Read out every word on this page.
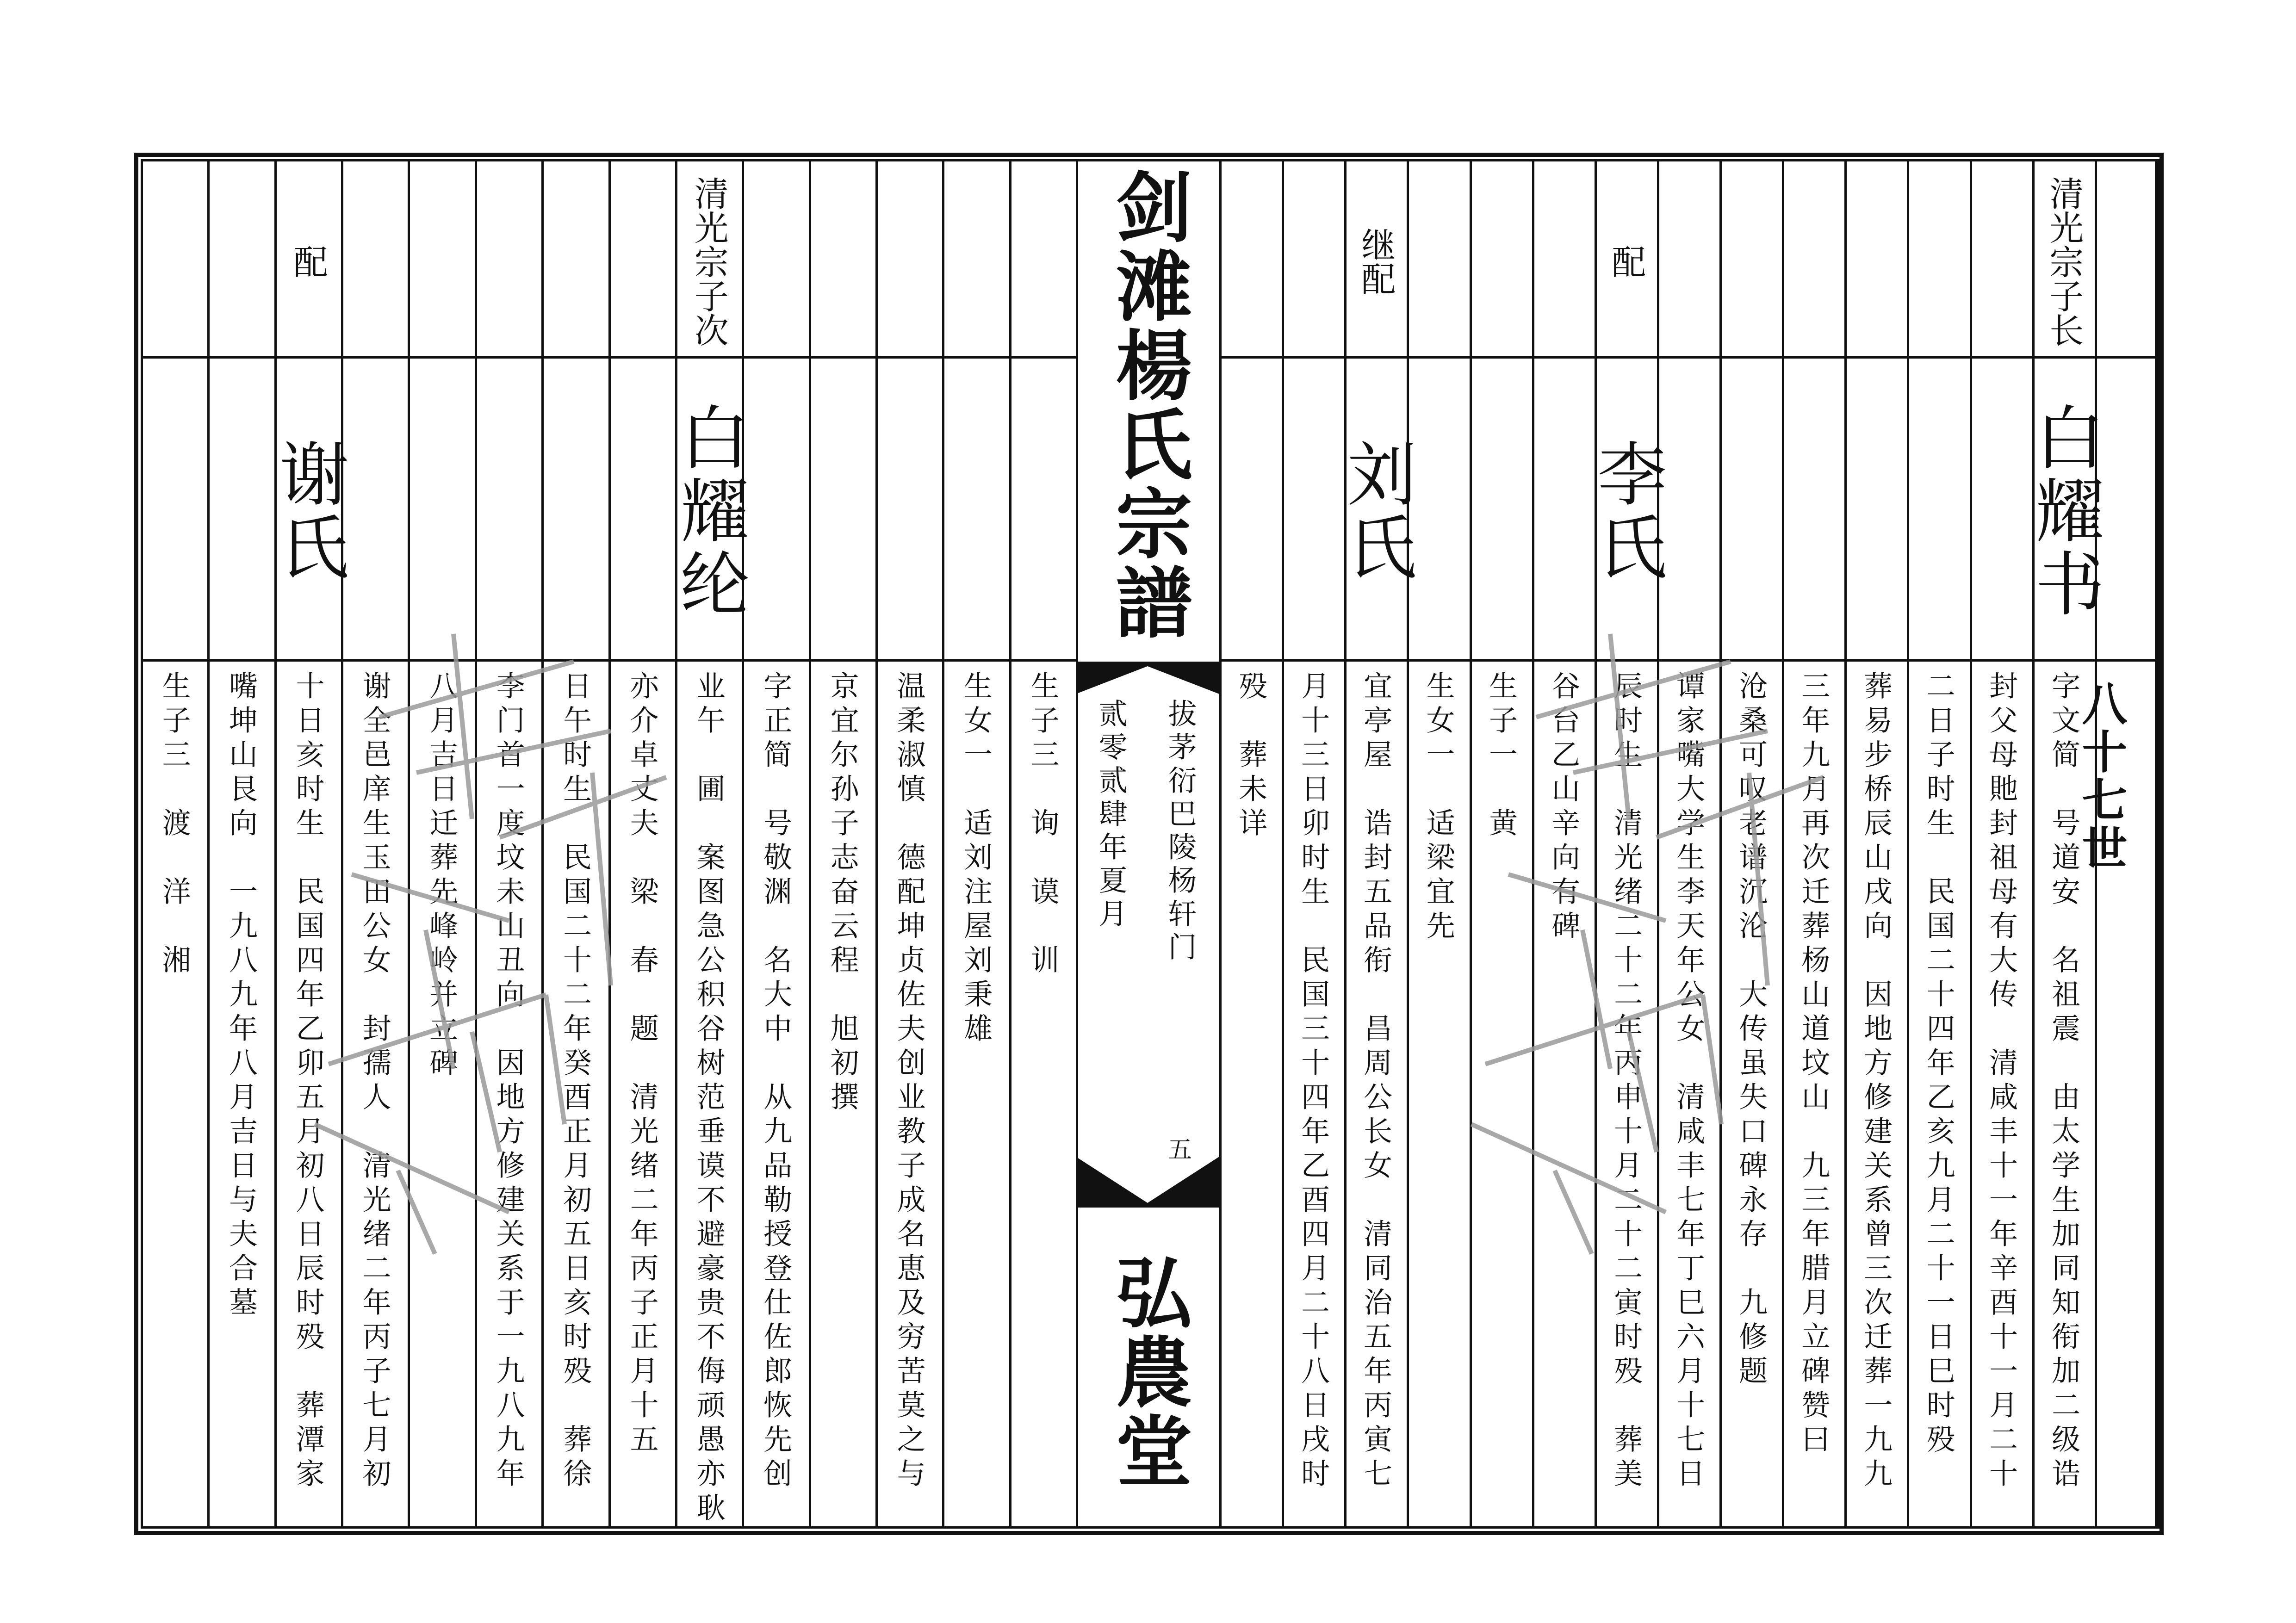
生子三　渡　洋　湘 嘴坤山艮向　一九八九年八月吉日与夫合墓
配
谢氏
十日亥时生　民国四年乙卯五月初八日辰时殁　葬潭家 谢全邑庠生玉田公女　封孺人　清光绪二年丙子七月初 八月吉日迁葬先峰岭并立碑 李门首一度坟未山丑向　因地方修建关系于一九八九年 日午时生　民国二十二年癸酉正月初五日亥时殁　葬徐 亦介卓丈夫　梁　春　题　清光绪二年丙子正月十五
清光宗子次
白耀纶
业午　圃　案图急公积谷树范垂谟不避豪贵不侮顽愚亦耿 字正简　号敬渊　名大中　从九品勒授登仕佐郎恢先创 京宜尔孙子志奋云程　旭初撰 温柔淑慎　德配坤贞佐夫创业教子成名恵及穷苦莫之与 生女一　适刘注屋刘秉雄 生子三　询　谟　训	殁　葬未详 月十三日卯时生　民国三十四年乙酉四月二十八日戌时
继配
刘氏
宜亭屋　诰封五品衔　昌周公长女　清同治五年丙寅七 生女一　适梁宜先 生子一　黄 谷台乙山辛向有碑
配
李氏
辰时生　清光绪二十二年丙申十月二十二寅时殁　葬美 谭家嘴大学生李天年公女　清咸丰七年丁巳六月十七日 沧桑可叹老谱沉沦　大传虽失口碑永存　九修题 三年九月再次迁葬杨山道坟山　九三年腊月立碑赞曰 葬易步桥辰山戌向　因地方修建关系曾三次迁葬一九九 二日子时生　民国二十四年乙亥九月二十一日巳时殁 封父母貤封祖母有大传　清咸丰十一年辛酉十一月二十
清光宗子长
白耀书
字文简　号道安　名祖震　由太学生加同知衔加二级诰
剑滩楊氏宗譜
贰零贰肆年夏月 拔茅衍巴陵杨轩门
五
弘農堂
八十七世
